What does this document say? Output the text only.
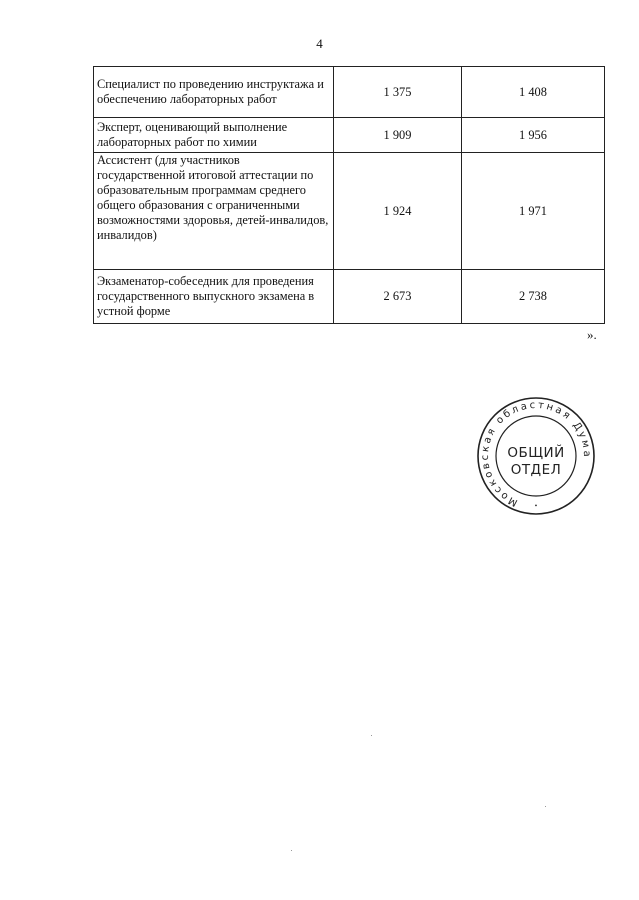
4
Специалист по проведению инструктажа и обеспечению лабораторных работ	1 375	1 408
Эксперт, оценивающий выполнение лабораторных работ по химии	1 909	1 956
Ассистент (для участников государственной итоговой аттестации по образовательным программам среднего общего образования с ограниченными возможностями здоровья, детей-инвалидов, инвалидов)	1 924	1 971
Экзаменатор-собеседник для проведения государственного выпускного экзамена в устной форме	2 673	2 738
».
Московская областная Дума
•
ОБЩИЙ
ОТДЕЛ
